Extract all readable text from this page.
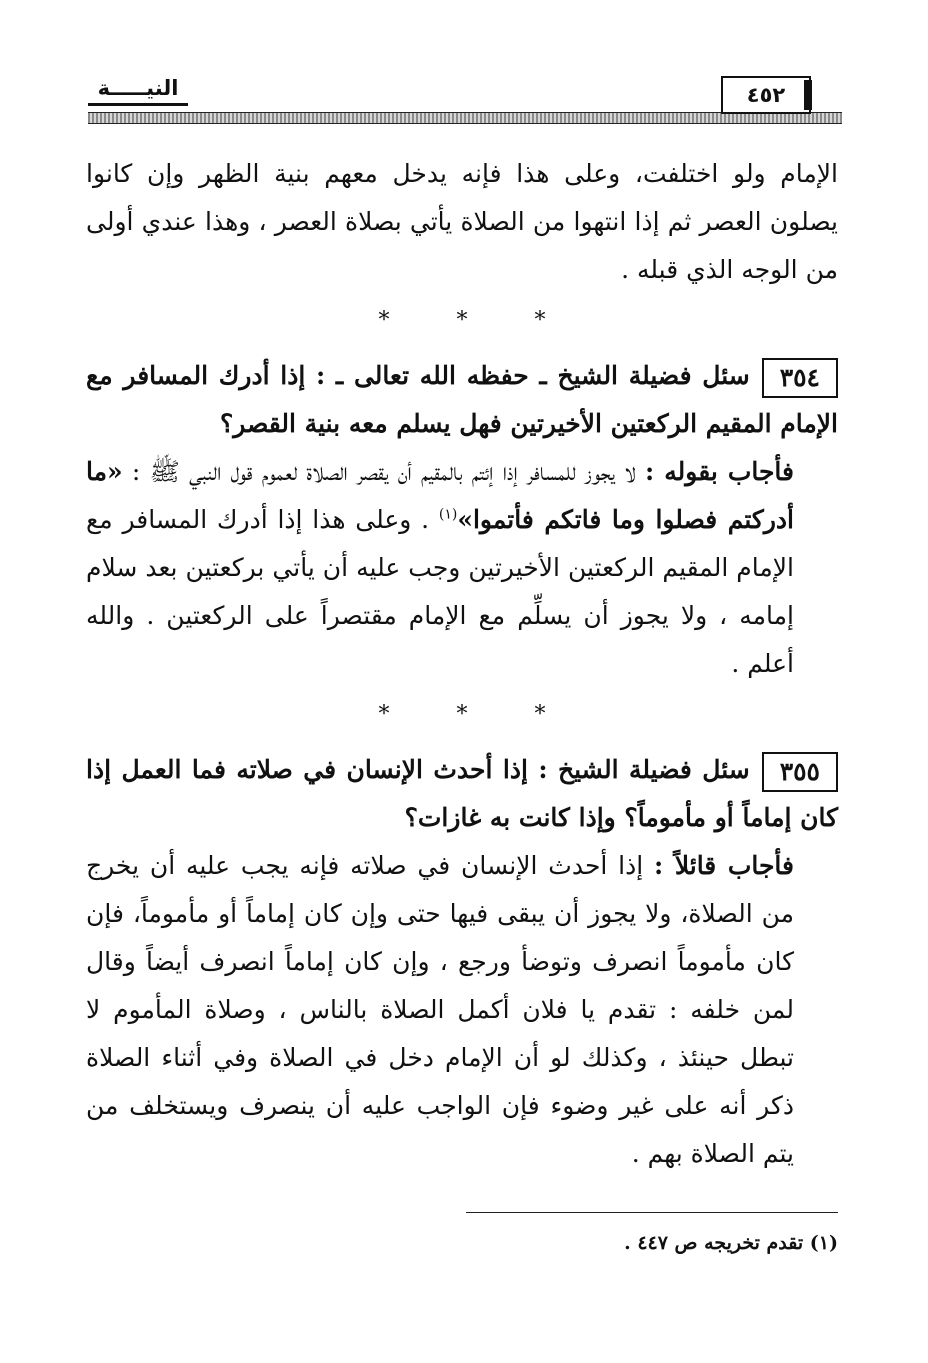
النيـــــة	٤٥٢

الإمام ولو اختلفت، وعلى هذا فإنه يدخل معهم بنية الظهر وإن كانوا يصلون العصر ثم إذا انتهوا من الصلاة يأتي بصلاة العصر ، وهذا عندي أولى من الوجه الذي قبله .

* * *

٣٥٤سئل فضيلة الشيخ ـ حفظه الله تعالى ـ : إذا أدرك المسافر مع الإمام المقيم الركعتين الأخيرتين فهل يسلم معه بنية القصر؟

فأجاب بقوله : لا يجوز للمسافر إذا إئتم بالمقيم أن يقصر الصلاة لعموم قول النبي ﷺ : «ما أدركتم فصلوا وما فاتكم فأتموا»$^{(١)}$ . وعلى هذا إذا أدرك المسافر مع الإمام المقيم الركعتين الأخيرتين وجب عليه أن يأتي بركعتين بعد سلام إمامه ، ولا يجوز أن يسلِّم مع الإمام مقتصراً على الركعتين . والله أعلم .

* * *

٣٥٥سئل فضيلة الشيخ : إذا أحدث الإنسان في صلاته فما العمل إذا كان إماماً أو مأموماً؟ وإذا كانت به غازات؟

فأجاب قائلاً : إذا أحدث الإنسان في صلاته فإنه يجب عليه أن يخرج من الصلاة، ولا يجوز أن يبقى فيها حتى وإن كان إماماً أو مأموماً، فإن كان مأموماً انصرف وتوضأ ورجع ، وإن كان إماماً انصرف أيضاً وقال لمن خلفه : تقدم يا فلان أكمل الصلاة بالناس ، وصلاة المأموم لا تبطل حينئذ ، وكذلك لو أن الإمام دخل في الصلاة وفي أثناء الصلاة ذكر أنه على غير وضوء فإن الواجب عليه أن ينصرف ويستخلف من يتم الصلاة بهم .

(١) تقدم تخريجه ص ٤٤٧ .
